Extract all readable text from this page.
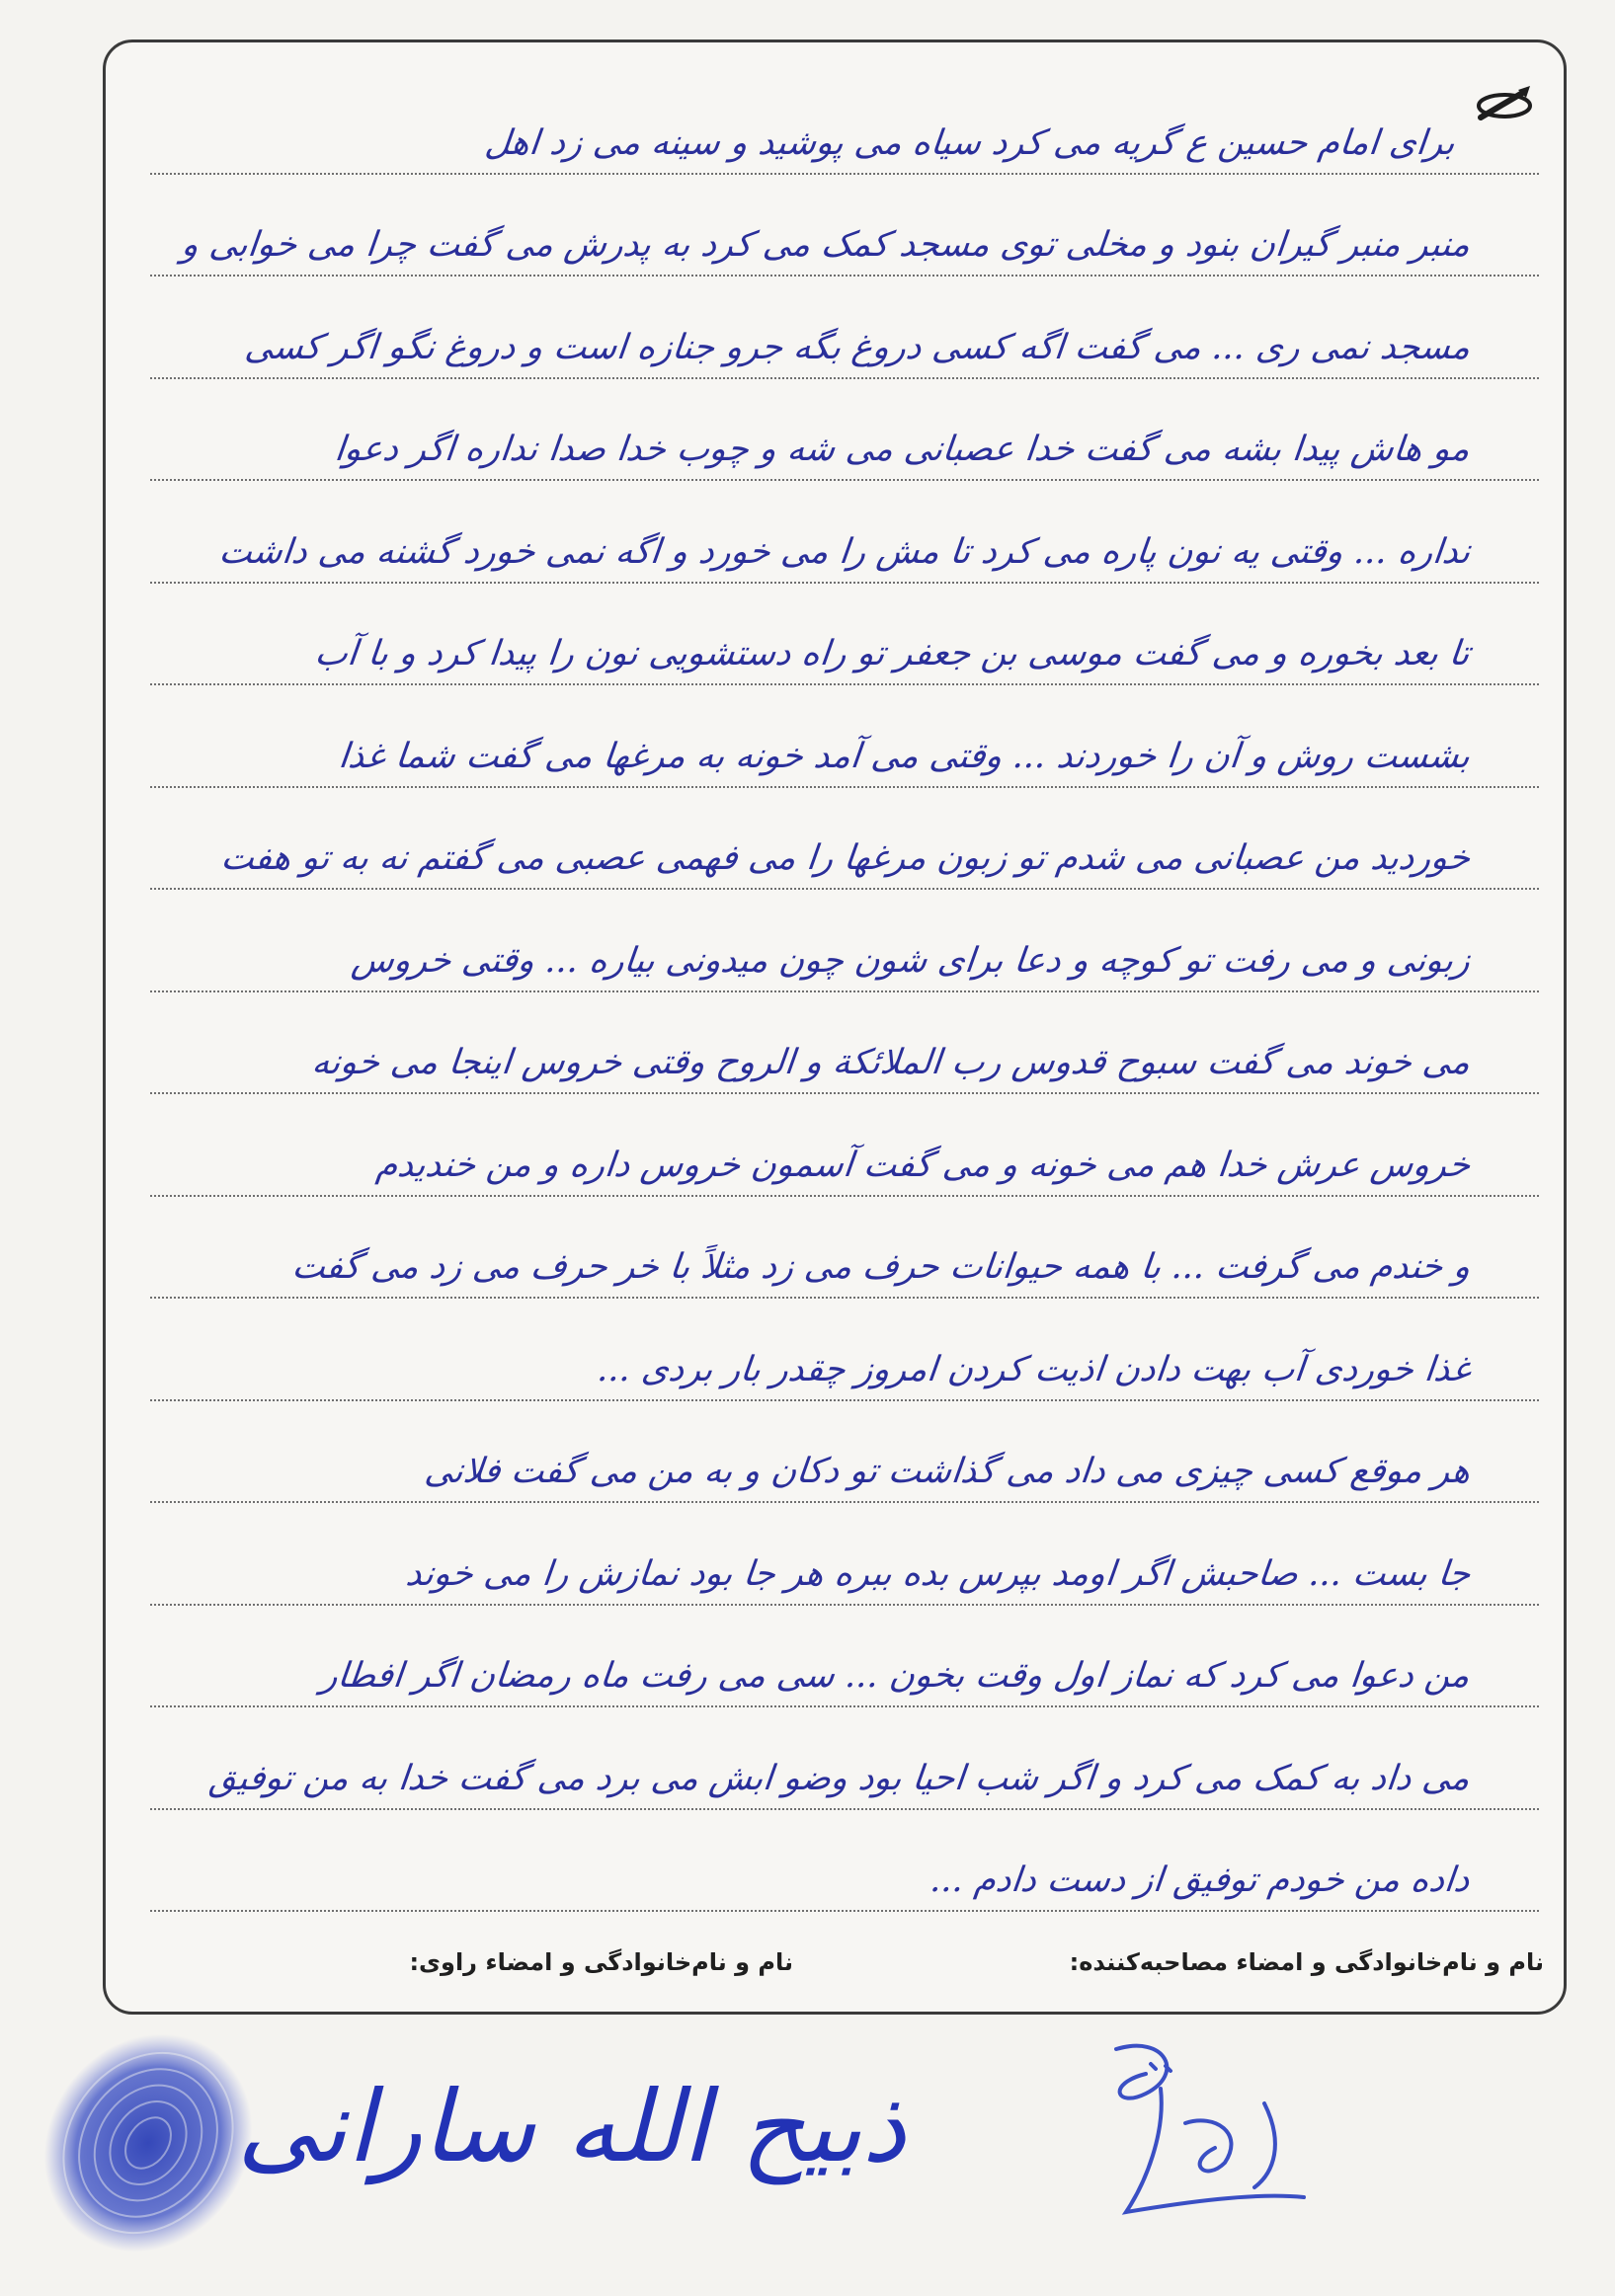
برای امام حسین ع گریه می کرد سیاه می پوشید و سینه می زد اهل
منبر منبر گیران بنود و مخلی توی مسجد کمک می کرد به پدرش می گفت چرا می خوابی و
مسجد نمی ری ... می گفت اگه کسی دروغ بگه جرو جنازه است و دروغ نگو اگر کسی
مو هاش پیدا بشه می گفت خدا عصبانی می شه و چوب خدا صدا نداره اگر دعوا
نداره ... وقتی یه نون پاره می کرد تا مش را می خورد و اگه نمی خورد گشنه می داشت
تا بعد بخوره و می گفت موسی بن جعفر تو راه دستشویی نون را پیدا کرد و با آب
بشست روش و آن را خوردند ... وقتی می آمد خونه به مرغها می گفت شما غذا
خوردید من عصبانی می شدم تو زبون مرغها را می فهمی عصبی می گفتم نه به تو هفت
زبونی و می رفت تو کوچه و دعا برای شون چون میدونی بیاره ... وقتی خروس
می خوند می گفت سبوح قدوس رب الملائکة و الروح وقتی خروس اینجا می خونه
خروس عرش خدا هم می خونه و می گفت آسمون خروس داره و من خندیدم
و خندم می گرفت ... با همه حیوانات حرف می زد مثلاً با خر حرف می زد می گفت
غذا خوردی آب بهت دادن اذیت کردن امروز چقدر بار بردی ...
هر موقع کسی چیزی می داد می گذاشت تو دکان و به من می گفت فلانی
جا بست ... صاحبش اگر اومد بپرس بده ببره هر جا بود نمازش را می خوند
من دعوا می کرد که نماز اول وقت بخون ... سی می رفت ماه رمضان اگر افطار
می داد به کمک می کرد و اگر شب احیا بود وضو ابش می برد می گفت خدا به من توفیق
داده من خودم توفیق از دست دادم ...
نام و نام‌خانوادگی و امضاء مصاحبه‌کننده:
نام و نام‌خانوادگی و امضاء راوی:
ذبیح الله سارانی
